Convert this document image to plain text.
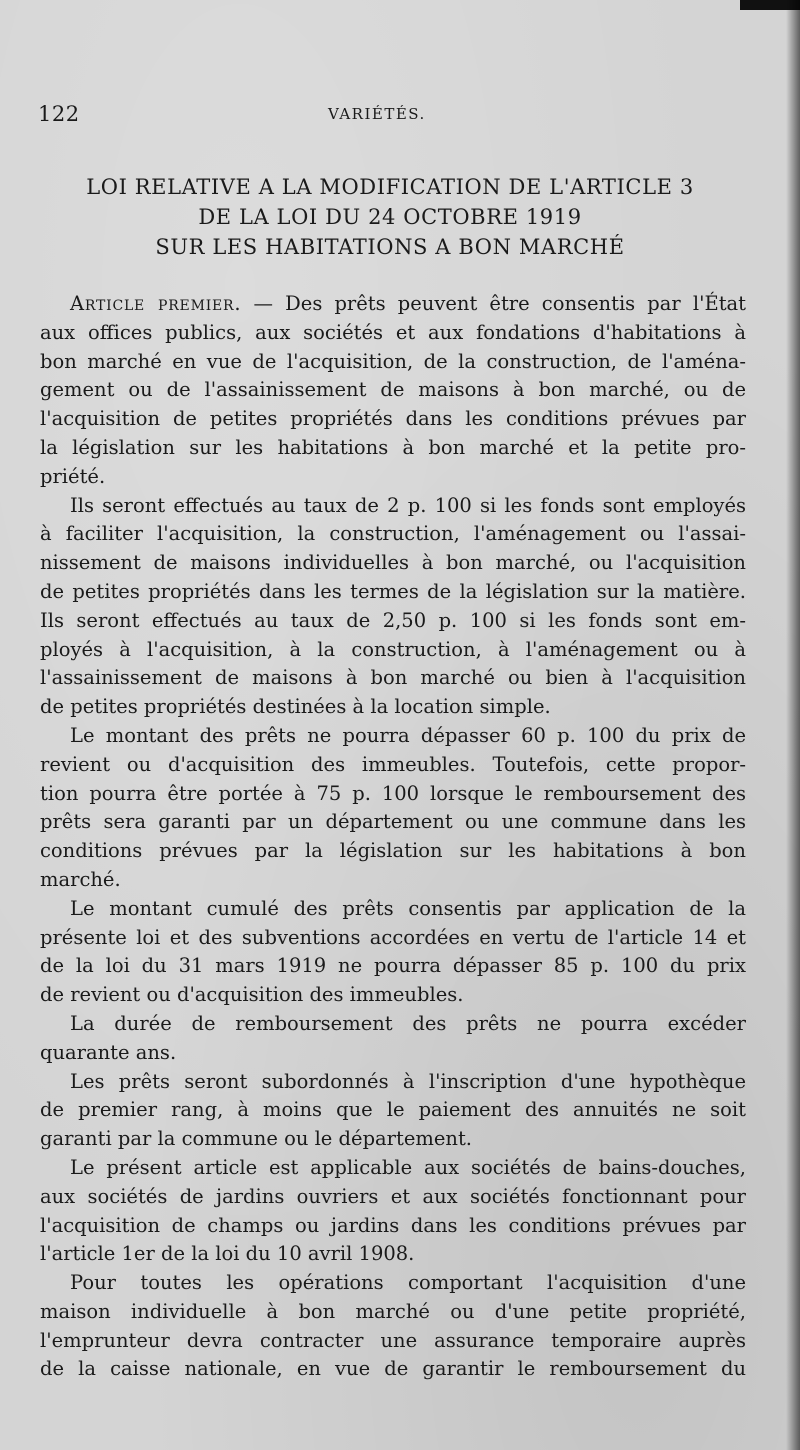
122	VARIÉTÉS.
LOI RELATIVE A LA MODIFICATION DE L'ARTICLE 3
DE LA LOI DU 24 OCTOBRE 1919
SUR LES HABITATIONS A BON MARCHÉ
Article premier. — Des prêts peuvent être consentis par l'État
aux offices publics, aux sociétés et aux fondations d'habitations à
bon marché en vue de l'acquisition, de la construction, de l'aména-
gement ou de l'assainissement de maisons à bon marché, ou de
l'acquisition de petites propriétés dans les conditions prévues par
la législation sur les habitations à bon marché et la petite pro-
priété.
Ils seront effectués au taux de 2 p. 100 si les fonds sont employés
à faciliter l'acquisition, la construction, l'aménagement ou l'assai-
nissement de maisons individuelles à bon marché, ou l'acquisition
de petites propriétés dans les termes de la législation sur la matière.
Ils seront effectués au taux de 2,50 p. 100 si les fonds sont em-
ployés à l'acquisition, à la construction, à l'aménagement ou à
l'assainissement de maisons à bon marché ou bien à l'acquisition
de petites propriétés destinées à la location simple.
Le montant des prêts ne pourra dépasser 60 p. 100 du prix de
revient ou d'acquisition des immeubles. Toutefois, cette propor-
tion pourra être portée à 75 p. 100 lorsque le remboursement des
prêts sera garanti par un département ou une commune dans les
conditions prévues par la législation sur les habitations à bon
marché.
Le montant cumulé des prêts consentis par application de la
présente loi et des subventions accordées en vertu de l'article 14 et
de la loi du 31 mars 1919 ne pourra dépasser 85 p. 100 du prix
de revient ou d'acquisition des immeubles.
La durée de remboursement des prêts ne pourra excéder
quarante ans.
Les prêts seront subordonnés à l'inscription d'une hypothèque
de premier rang, à moins que le paiement des annuités ne soit
garanti par la commune ou le département.
Le présent article est applicable aux sociétés de bains-douches,
aux sociétés de jardins ouvriers et aux sociétés fonctionnant pour
l'acquisition de champs ou jardins dans les conditions prévues par
l'article 1er de la loi du 10 avril 1908.
Pour toutes les opérations comportant l'acquisition d'une
maison individuelle à bon marché ou d'une petite propriété,
l'emprunteur devra contracter une assurance temporaire auprès
de la caisse nationale, en vue de garantir le remboursement du
